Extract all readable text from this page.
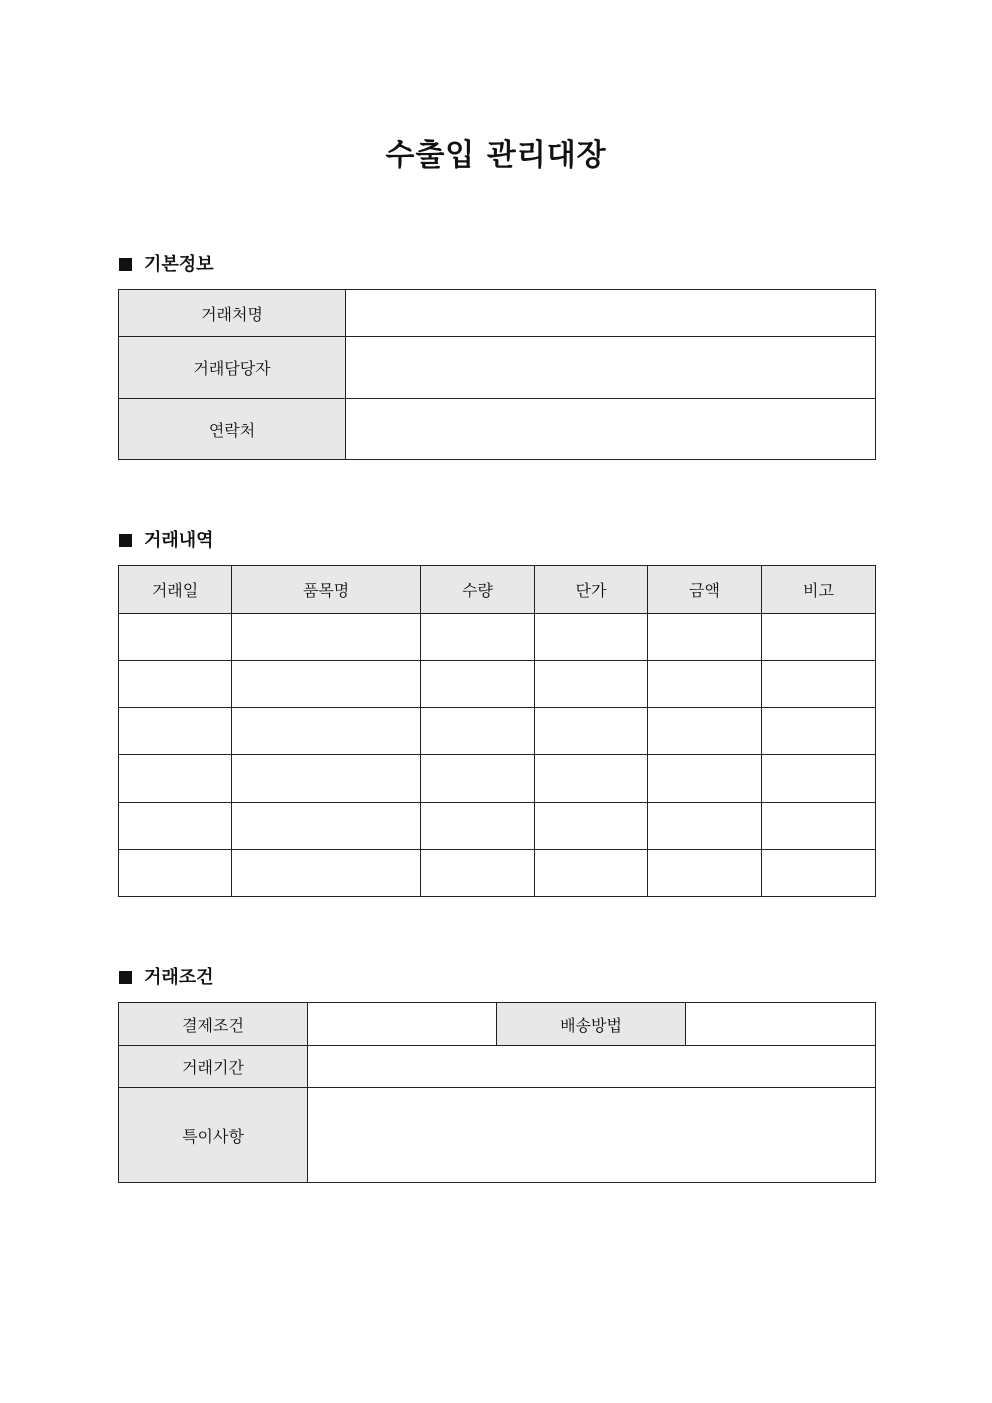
수출입 관리대장
기본정보
거래처명	
거래담당자	
연락처	
거래내역
거래일	품목명	수량	단가	금액	비고

거래조건
결제조건		배송방법	
거래기간			
특이사항			
